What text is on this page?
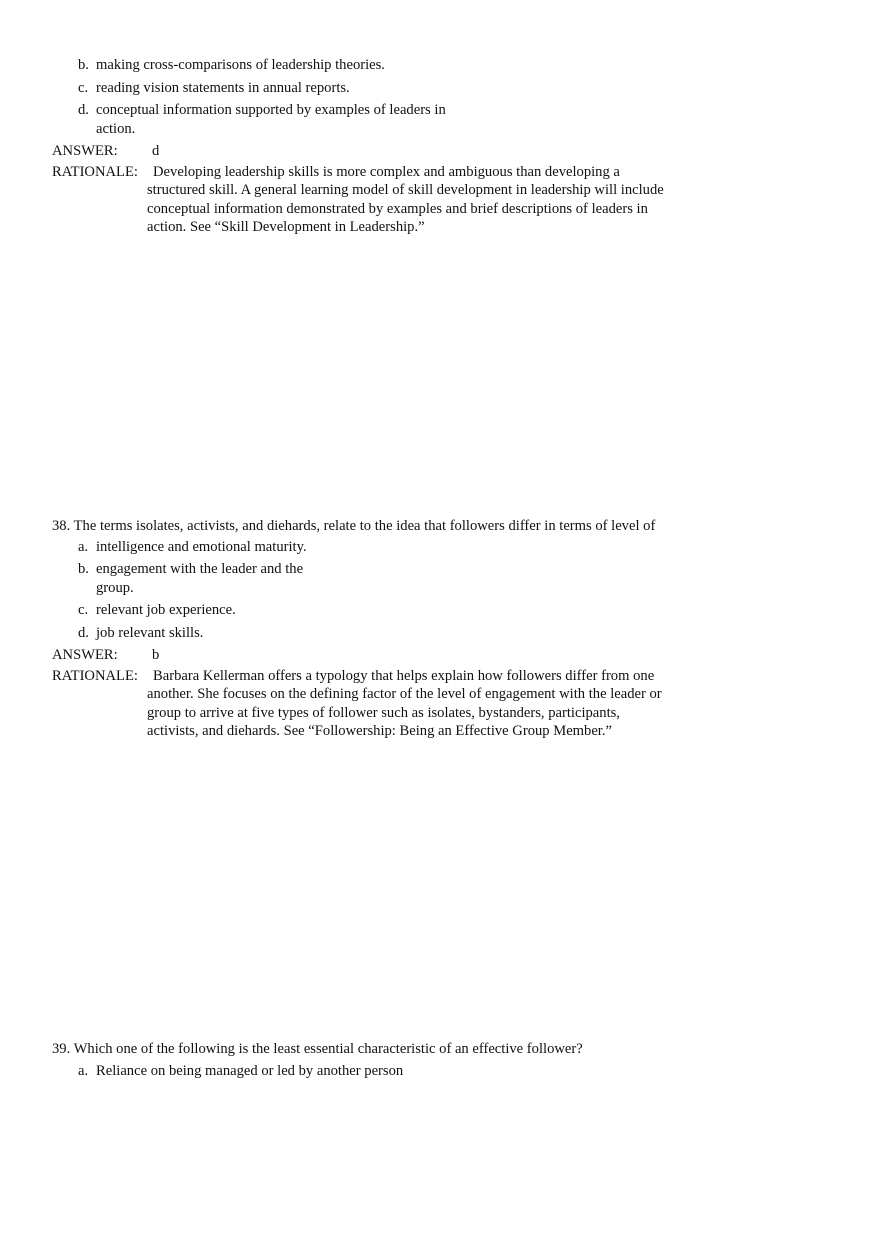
b. making cross-comparisons of leadership theories.
c. reading vision statements in annual reports.
d. conceptual information supported by examples of leaders in action.
ANSWER: d
RATIONALE:	Developing leadership skills is more complex and ambiguous than developing a structured skill. A general learning model of skill development in leadership will include conceptual information demonstrated by examples and brief descriptions of leaders in action. See “Skill Development in Leadership.”
38. The terms isolates, activists, and diehards, relate to the idea that followers differ in terms of level of
a. intelligence and emotional maturity.
b. engagement with the leader and the group.
c. relevant job experience.
d. job relevant skills.
ANSWER: b
RATIONALE:	Barbara Kellerman offers a typology that helps explain how followers differ from one another. She focuses on the defining factor of the level of engagement with the leader or group to arrive at five types of follower such as isolates, bystanders, participants, activists, and diehards. See “Followership: Being an Effective Group Member.”
39. Which one of the following is the least essential characteristic of an effective follower?
a. Reliance on being managed or led by another person
